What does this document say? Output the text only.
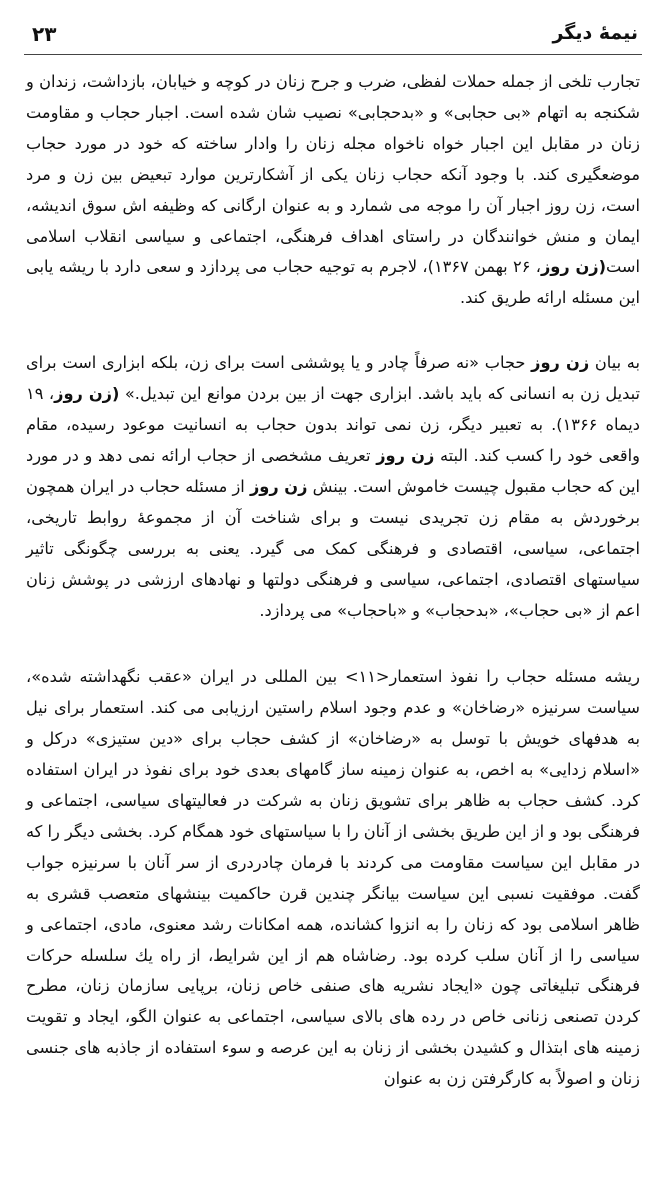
نیمهٔ دیگر
۲۳

تجارب تلخی از جمله حملات لفظی، ضرب و جرح زنان در کوچه و خیابان، بازداشت، زندان و شکنجه به اتهام «بی حجابی» و «بدحجابی» نصیب شان شده است. اجبار حجاب و مقاومت زنان در مقابل این اجبار خواه ناخواه مجله زنان را وادار ساخته که خود در مورد حجاب موضعگیری کند. با وجود آنکه حجاب زنان یکی از آشکارترین موارد تبعیض بین زن و مرد است، زن روز اجبار آن را موجه می شمارد و به عنوان ارگانی که وظیفه اش سوق اندیشه، ایمان و منش خوانندگان در راستای اهداف فرهنگی، اجتماعی و سیاسی انقلاب اسلامی است(زن روز، ۲۶ بهمن ۱۳۶۷)، لاجرم به توجیه حجاب می پردازد و سعی دارد با ریشه یابی این مسئله ارائه طریق کند.

به بیان زن روز حجاب «نه صرفاً چادر و یا پوششی است برای زن، بلکه ابزاری است برای تبدیل زن به انسانی که باید باشد. ابزاری جهت از بین بردن موانع این تبدیل.» (زن روز، ۱۹ دیماه ۱۳۶۶). به تعبیر دیگر، زن نمی تواند بدون حجاب به انسانیت موعود رسیده، مقام واقعی خود را کسب کند. البته زن روز تعریف مشخصی از حجاب ارائه نمی دهد و در مورد این که حجاب مقبول چیست خاموش است. بینش زن روز از مسئله حجاب در ایران همچون برخوردش به مقام زن تجریدی نیست و برای شناخت آن از مجموعهٔ روابط تاریخی، اجتماعی، سیاسی، اقتصادی و فرهنگی کمک می گیرد. یعنی به بررسی چگونگی تاثیر سیاستهای اقتصادی، اجتماعی، سیاسی و فرهنگی دولتها و نهادهای ارزشی در پوشش زنان اعم از «بی حجاب»، «بدحجاب» و «باحجاب» می پردازد.

ریشه مسئله حجاب را نفوذ استعمار<۱۱> بین المللی در ایران «عقب نگهداشته شده»، سیاست سرنیزه «رضاخان» و عدم وجود اسلام راستین ارزیابی می کند. استعمار برای نیل به هدفهای خویش با توسل به «رضاخان» از کشف حجاب برای «دین ستیزی» درکل و «اسلام زدایی» به اخص، به عنوان زمینه ساز گامهای بعدی خود برای نفوذ در ایران استفاده کرد. کشف حجاب به ظاهر برای تشویق زنان به شرکت در فعالیتهای سیاسی، اجتماعی و فرهنگی بود و از این طریق بخشی از آنان را با سیاستهای خود همگام کرد. بخشی دیگر را که در مقابل این سیاست مقاومت می کردند با فرمان چادردری از سر آنان با سرنیزه جواب گفت. موفقیت نسبی این سیاست بیانگر چندین قرن حاکمیت بینشهای متعصب قشری به ظاهر اسلامی بود که زنان را به انزوا کشانده، همه امکانات رشد معنوی، مادی، اجتماعی و سیاسی را از آنان سلب کرده بود. رضاشاه هم از این شرایط، از راه یك سلسله حرکات فرهنگی تبلیغاتی چون «ایجاد نشریه های صنفی خاص زنان، برپایی سازمان زنان، مطرح کردن تصنعی زنانی خاص در رده های بالای سیاسی، اجتماعی به عنوان الگو، ایجاد و تقویت زمینه های ابتذال و کشیدن بخشی از زنان به این عرصه و سوء استفاده از جاذبه های جنسی زنان و اصولاً به کارگرفتن زن به عنوان
